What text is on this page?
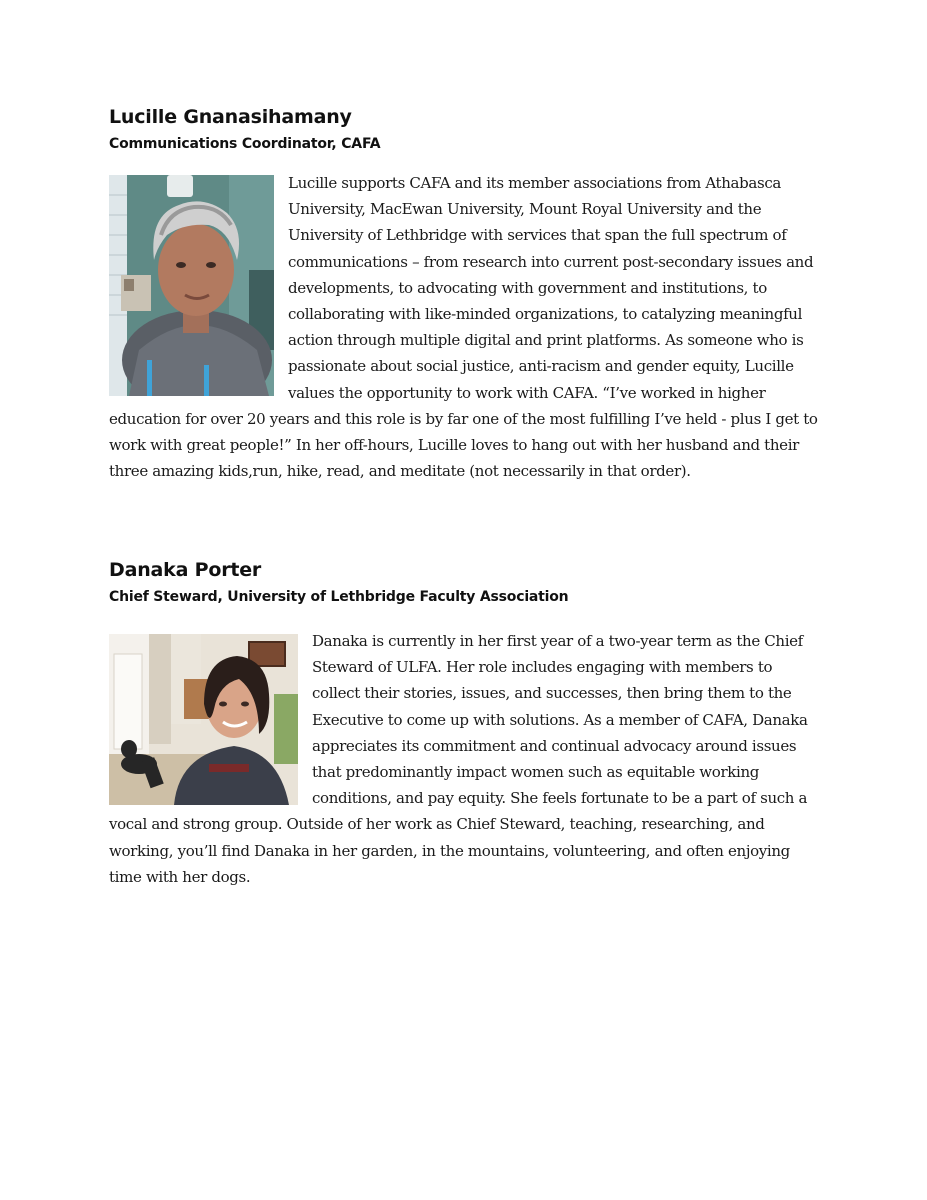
Lucille Gnanasihamany

Communications Coordinator, CAFA

Lucille supports CAFA and its member associations from Athabasca University, MacEwan University, Mount Royal University and the University of Lethbridge with services that span the full spectrum of communications – from research into current post-secondary issues and developments, to advocating with government and institutions, to collaborating with like-minded organizations, to catalyzing meaningful action through multiple digital and print platforms. As someone who is passionate about social justice, anti-racism and gender equity, Lucille values the opportunity to work with CAFA. “I’ve worked in higher education for over 20 years and this role is by far one of the most fulfilling I’ve held - plus I get to work with great people!” In her off-hours, Lucille loves to hang out with her husband and their three amazing kids,run, hike, read, and meditate (not necessarily in that order).

Danaka Porter

Chief Steward, University of Lethbridge Faculty Association

Danaka is currently in her first year of a two-year term as the Chief Steward of ULFA. Her role includes engaging with members to collect their stories, issues, and successes, then bring them to the Executive to come up with solutions. As a member of CAFA, Danaka appreciates its commitment and continual advocacy around issues that predominantly impact women such as equitable working conditions, and pay equity. She feels fortunate to be a part of such a vocal and strong group. Outside of her work as Chief Steward, teaching, researching, and working, you’ll find Danaka in her garden, in the mountains, volunteering, and often enjoying time with her dogs.
